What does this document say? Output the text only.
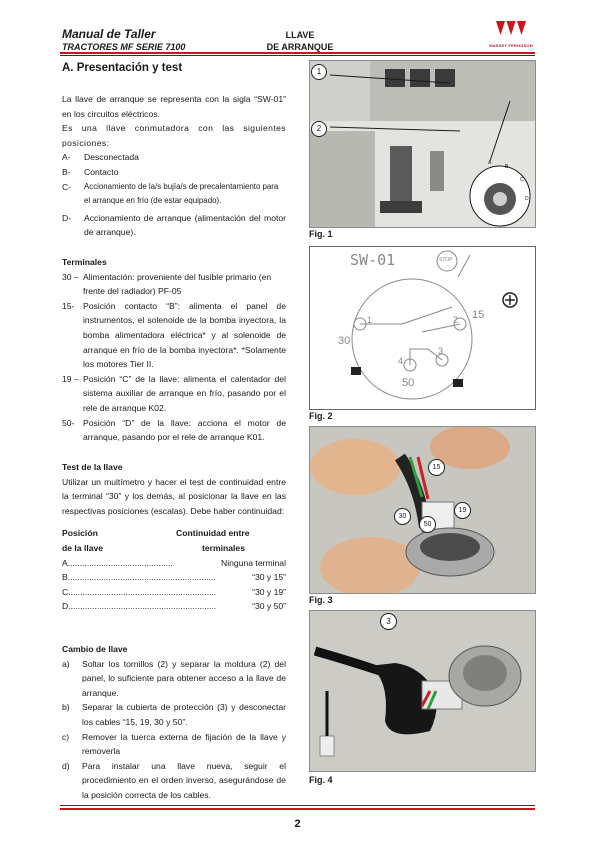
Manual de Taller
TRACTORES MF SERIE 7100
LLAVE
DE ARRANQUE	MASSEY FERGUSON
A. Presentación y test

La llave de arranque se representa con la sigla “SW-01” en los circuitos eléctricos.

Es una llave conmutadora con las siguientes posiciones:

A-	Desconectada
B-	Contacto
C-	Accionamiento de la/s bujía/s de precalentamiento para el arranque en frío (de estar equipado).
D-	Accionamiento de arranque (alimentación del motor de arranque).

Terminales

30 – Alimentación: proveniente del fusible primario (en frente del radiador) PF-05
15- Posición contacto “B”: alimenta el panel de instrumentos, el solenoide de la bomba inyectora, la bomba alimentadora eléctrica* y al solenoide de arranque en frío de la bomba inyectora*. *Solamente los motores Tier II.
19 – Posición “C” de la llave: alimenta el calentador del sistema auxiliar de arranque en frío, pasando por el rele de arranque K02.
50- Posición “D” de la llave: acciona el motor de arranque, pasando por el rele de arranque K01.

Test de la llave

Utilizar un multímetro y hacer el test de continuidad entre la terminal “30” y los demás, al posicionar la llave en las respectivas posiciones (escalas). Debe haber continuidad:

Posición	Continuidad entre
de la llave	terminales
A ............................................	Ninguna terminal
B ..............................................................	“30 y 15”
C ..............................................................	“30 y 19”
D ..............................................................	“30 y 50”

Cambio de llave

a)	Soltar los tornillos (2) y separar la moldura (2) del panel, lo suficiente para obtener acceso a la llave de arranque.
b)	Separar la cubierta de protección (3) y desconectar los cables “15, 19, 30 y 50”.
c)	Remover la tuerca externa de fijación de la llave y removerla
d)	Para instalar una llave nueva, seguir el procedimiento en el orden inverso, asegurándose de la posición correcta de los cables.
1
2
A
B
C
D
Fig. 1
SW-01	STOP
30
15
50
1	2
3
4
Fig. 2
15
19
30
50
Fig. 3
3
Fig. 4
2
